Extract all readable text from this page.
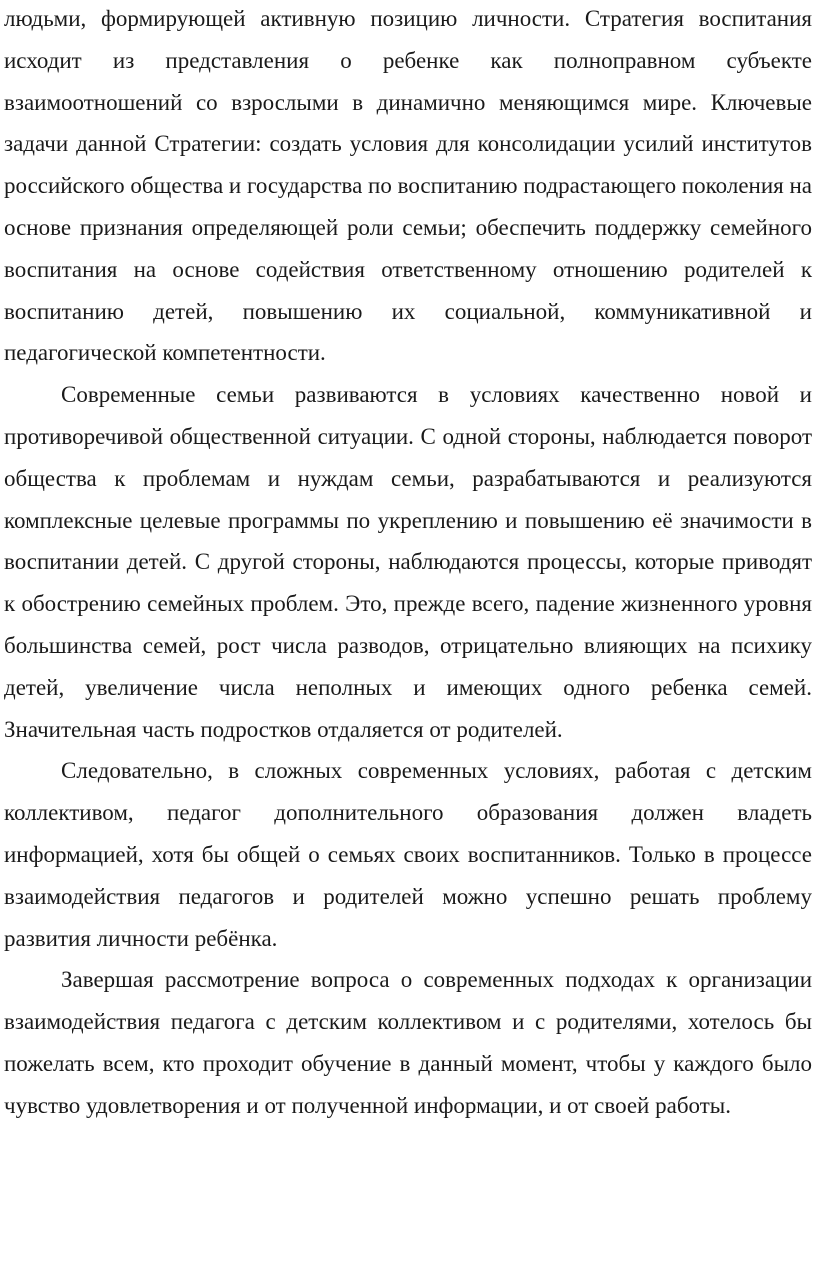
людьми, формирующей активную позицию личности. Стратегия воспитания исходит из представления о ребенке как полноправном субъекте взаимоотношений со взрослыми в динамично меняющимся мире. Ключевые задачи данной Стратегии: создать условия для консолидации усилий институтов российского общества и государства по воспитанию подрастающего поколения на основе признания определяющей роли семьи; обеспечить поддержку семейного воспитания на основе содействия ответственному отношению родителей к воспитанию детей, повышению их социальной, коммуникативной и педагогической компетентности.

Современные семьи развиваются в условиях качественно новой и противоречивой общественной ситуации. С одной стороны, наблюдается поворот общества к проблемам и нуждам семьи, разрабатываются и реализуются комплексные целевые программы по укреплению и повышению её значимости в воспитании детей. С другой стороны, наблюдаются процессы, которые приводят к обострению семейных проблем. Это, прежде всего, падение жизненного уровня большинства семей, рост числа разводов, отрицательно влияющих на психику детей, увеличение числа неполных и имеющих одного ребенка семей. Значительная часть подростков отдаляется от родителей.

Следовательно, в сложных современных условиях, работая с детским коллективом, педагог дополнительного образования должен владеть информацией, хотя бы общей о семьях своих воспитанников. Только в процессе взаимодействия педагогов и родителей можно успешно решать проблему развития личности ребёнка.

Завершая рассмотрение вопроса о современных подходах к организации взаимодействия педагога с детским коллективом и с родителями, хотелось бы пожелать всем, кто проходит обучение в данный момент, чтобы у каждого было чувство удовлетворения и от полученной информации, и от своей работы.
